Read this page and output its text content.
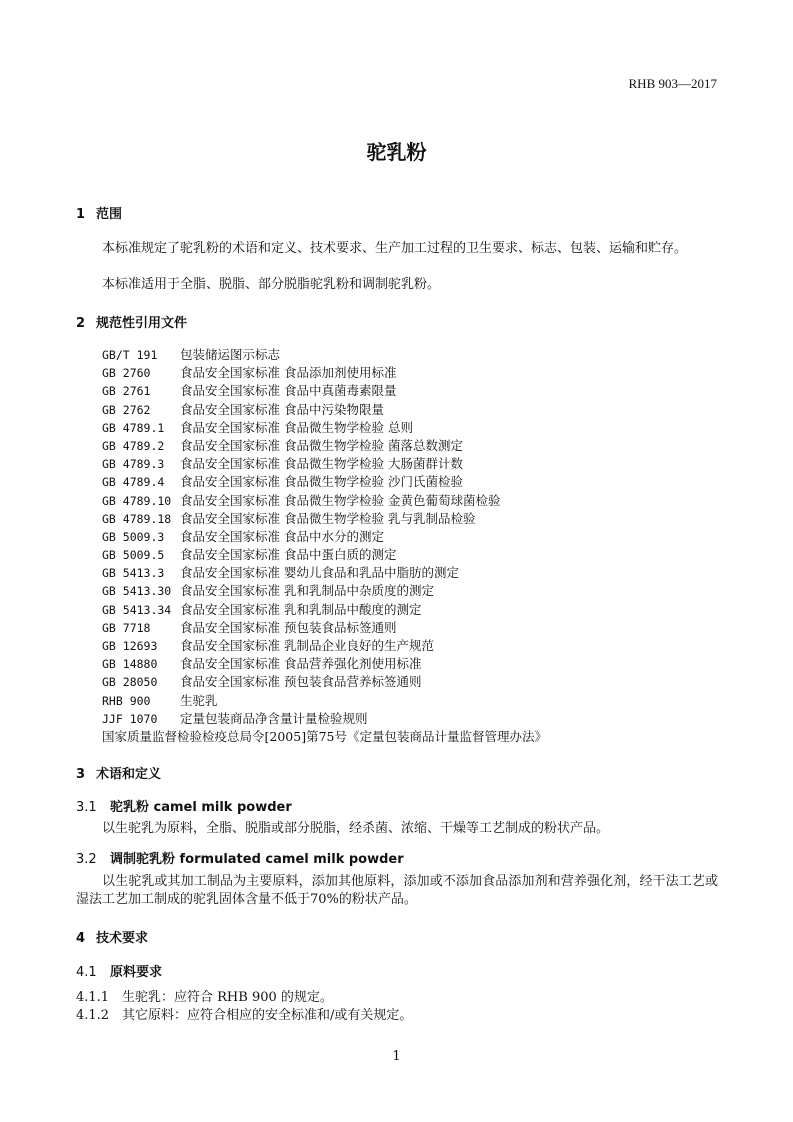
RHB 903—2017
驼乳粉
1 范围
本标准规定了驼乳粉的术语和定义、技术要求、生产加工过程的卫生要求、标志、包装、运输和贮存。
本标准适用于全脂、脱脂、部分脱脂驼乳粉和调制驼乳粉。
2 规范性引用文件
GB/T 191 包装储运图示标志
GB 2760 食品安全国家标准 食品添加剂使用标准
GB 2761 食品安全国家标准 食品中真菌毒素限量
GB 2762 食品安全国家标准 食品中污染物限量
GB 4789.1 食品安全国家标准 食品微生物学检验 总则
GB 4789.2 食品安全国家标准 食品微生物学检验 菌落总数测定
GB 4789.3 食品安全国家标准 食品微生物学检验 大肠菌群计数
GB 4789.4 食品安全国家标准 食品微生物学检验 沙门氏菌检验
GB 4789.10 食品安全国家标准 食品微生物学检验 金黄色葡萄球菌检验
GB 4789.18 食品安全国家标准 食品微生物学检验 乳与乳制品检验
GB 5009.3 食品安全国家标准 食品中水分的测定
GB 5009.5 食品安全国家标准 食品中蛋白质的测定
GB 5413.3 食品安全国家标准 婴幼儿食品和乳品中脂肪的测定
GB 5413.30 食品安全国家标准 乳和乳制品中杂质度的测定
GB 5413.34 食品安全国家标准 乳和乳制品中酸度的测定
GB 7718 食品安全国家标准 预包装食品标签通则
GB 12693 食品安全国家标准 乳制品企业良好的生产规范
GB 14880 食品安全国家标准 食品营养强化剂使用标准
GB 28050 食品安全国家标准 预包装食品营养标签通则
RHB 900 生驼乳
JJF 1070 定量包装商品净含量计量检验规则
国家质量监督检验检疫总局令[2005]第75号《定量包装商品计量监督管理办法》
3 术语和定义
3.1 驼乳粉 camel milk powder
以生驼乳为原料，全脂、脱脂或部分脱脂，经杀菌、浓缩、干燥等工艺制成的粉状产品。
3.2 调制驼乳粉 formulated camel milk powder
以生驼乳或其加工制品为主要原料，添加其他原料，添加或不添加食品添加剂和营养强化剂，经干法工艺或湿法工艺加工制成的驼乳固体含量不低于70%的粉状产品。
4 技术要求
4.1 原料要求
4.1.1 生驼乳：应符合 RHB 900 的规定。
4.1.2 其它原料：应符合相应的安全标准和/或有关规定。
1
